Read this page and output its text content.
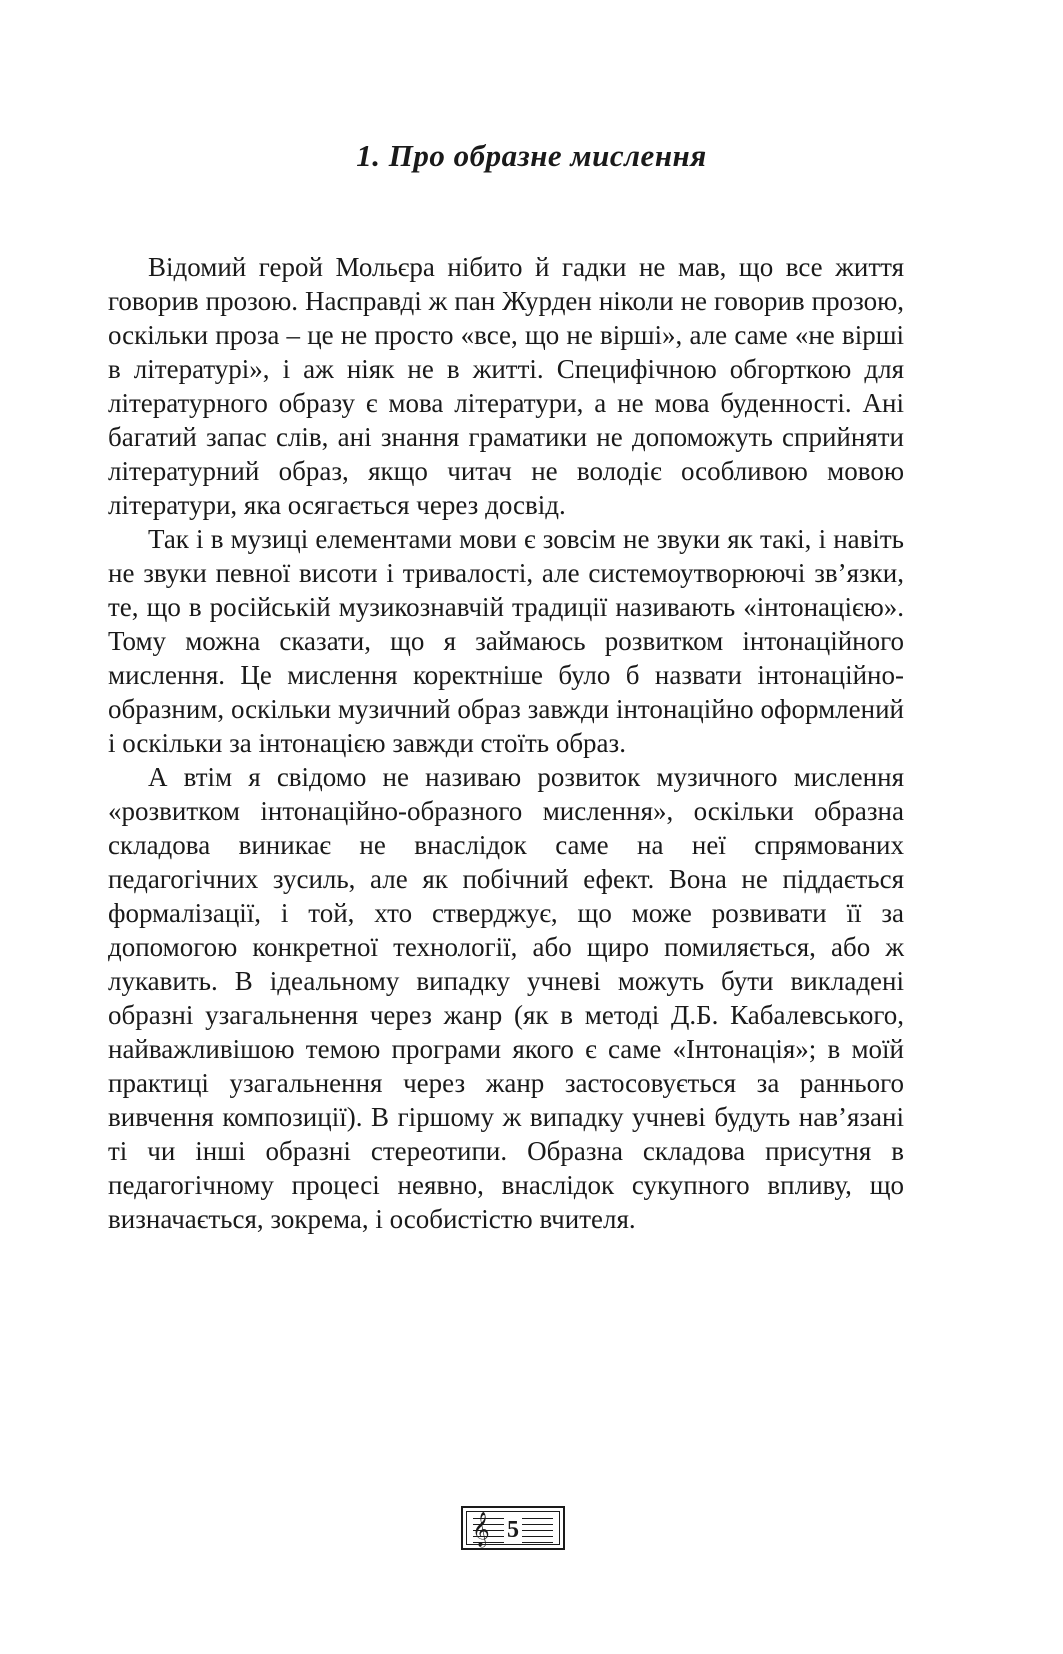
1. Про образне мислення

Відомий герой Мольєра нібито й гадки не мав, що все життя говорив прозою. Насправді ж пан Журден ніколи не говорив прозою, оскільки проза – це не просто «все, що не вірші», але саме «не вірші в літературі», і аж ніяк не в житті. Специфічною обгорткою для літературного образу є мова літератури, а не мова буденності. Ані багатий запас слів, ані знання граматики не допоможуть сприйняти літературний образ, якщо читач не володіє особливою мовою літератури, яка осягається через досвід.

Так і в музиці елементами мови є зовсім не звуки як такі, і навіть не звуки певної висоти і тривалості, але системоутворюючі зв’язки, те, що в російській музикознавчій традиції називають «інтонацією». Тому можна сказати, що я займаюсь розвитком інтонаційного мислення. Це мислення коректніше було б назвати інтонаційно-образним, оскільки музичний образ завжди інтонаційно оформлений і оскільки за інтонацією завжди стоїть образ.

А втім я свідомо не називаю розвиток музичного мислення «розвитком інтонаційно-образного мислення», оскільки образна складова виникає не внаслідок саме на неї спрямованих педагогічних зусиль, але як побічний ефект. Вона не піддається формалізації, і той, хто стверджує, що може розвивати її за допомогою конкретної технології, або щиро помиляється, або ж лукавить. В ідеальному випадку учневі можуть бути викладені образні узагальнення через жанр (як в методі Д.Б. Кабалевського, найважливішою темою програми якого є саме «Інтонація»; в моїй практиці узагальнення через жанр застосовується за раннього вивчення композиції). В гіршому ж випадку учневі будуть нав’язані ті чи інші образні стереотипи. Образна складова присутня в педагогічному процесі неявно, внаслідок сукупного впливу, що визначається, зокрема, і особистістю вчителя.

𝄞 5
